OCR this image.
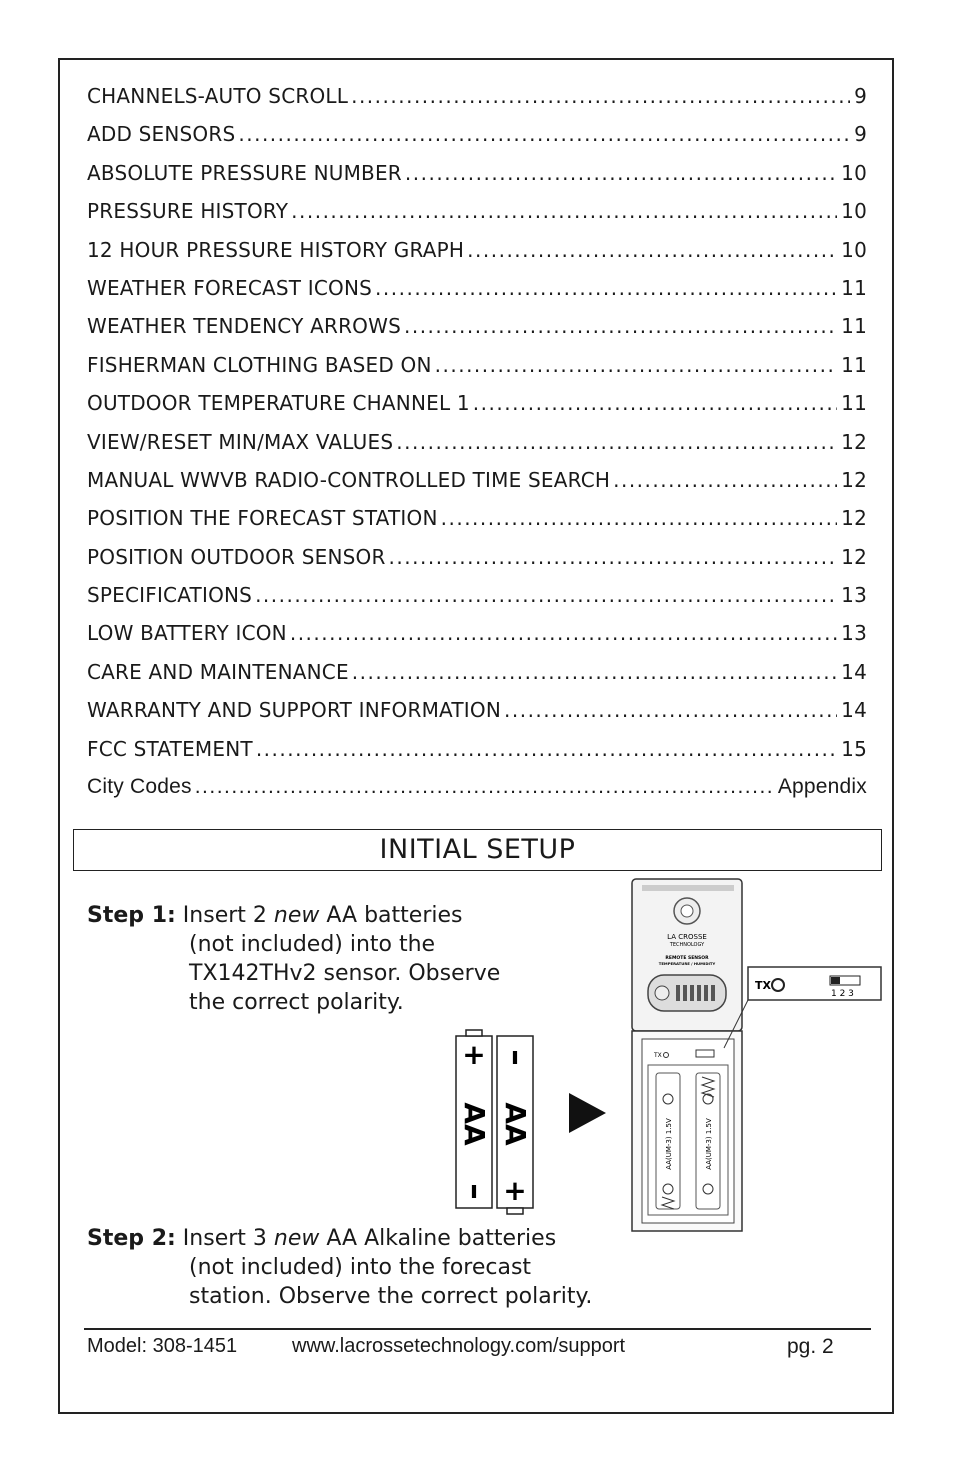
CHANNELS-AUTO SCROLL .....	9
ADD SENSORS .....	9
ABSOLUTE PRESSURE NUMBER .....	10
PRESSURE HISTORY .....	10
12 HOUR PRESSURE HISTORY GRAPH .....	10
WEATHER FORECAST ICONS .....	11
WEATHER TENDENCY ARROWS .....	11
FISHERMAN CLOTHING BASED ON .....	11
OUTDOOR TEMPERATURE CHANNEL 1 .....	11
VIEW/RESET MIN/MAX VALUES .....	12
MANUAL WWVB RADIO-CONTROLLED TIME SEARCH .....	12
POSITION THE FORECAST STATION .....	12
POSITION OUTDOOR SENSOR .....	12
SPECIFICATIONS .....	13
LOW BATTERY ICON .....	13
CARE AND MAINTENANCE .....	14
WARRANTY AND SUPPORT INFORMATION .....	14
FCC STATEMENT .....	15
City Codes .....	Appendix
INITIAL SETUP
Step 1: Insert 2 new AA batteries
(not included) into the
TX142THv2 sensor. Observe
the correct polarity.
Step 2: Insert 3 new AA Alkaline batteries
(not included) into the forecast
station. Observe the correct polarity.
+
ı
ı
+
AA AA
LA CROSSE
TECHNOLOGY
REMOTE SENSOR
TEMPERATURE / HUMIDITY
TX
AA(UM-3) 1.5V	AA(UM-3) 1.5V
TX
1 2 3
Model: 308-1451	www.lacrossetechnology.com/support	pg. 2
